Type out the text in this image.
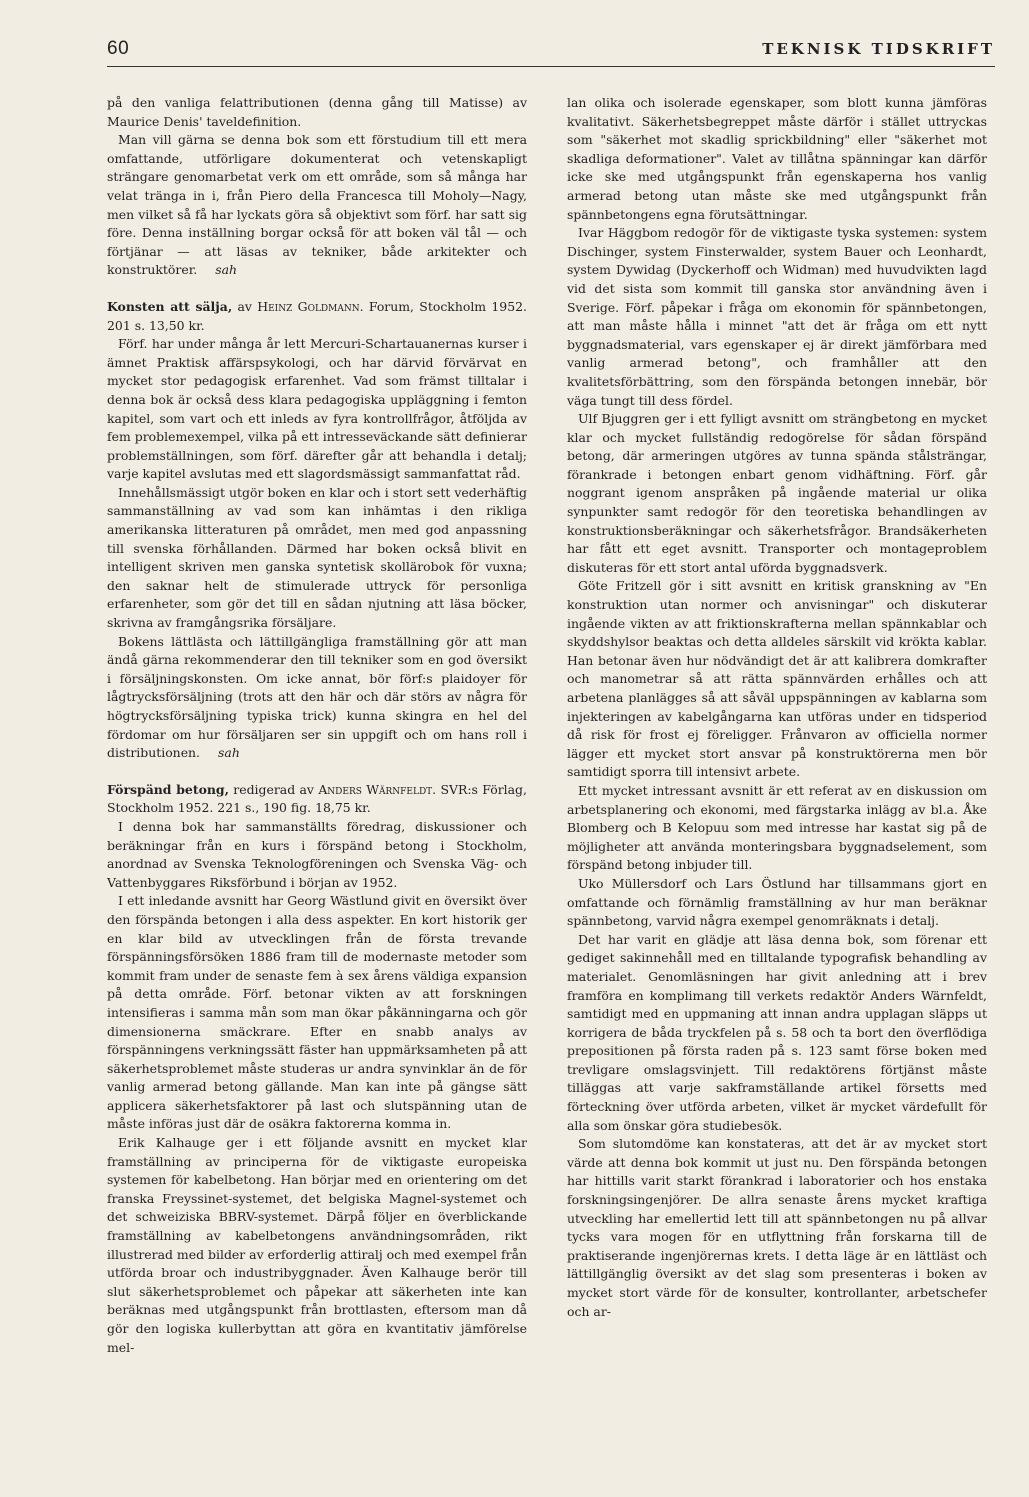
60	TEKNISK TIDSKRIFT

på den vanliga felattributionen (denna gång till Matisse) av Maurice Denis' taveldefinition.

Man vill gärna se denna bok som ett förstudium till ett mera omfattande, utförligare dokumenterat och vetenskapligt strängare genomarbetat verk om ett område, som så många har velat tränga in i, från Piero della Francesca till Moholy—Nagy, men vilket så få har lyckats göra så objektivt som förf. har satt sig före. Denna inställning borgar också för att boken väl tål — och förtjänar — att läsas av tekniker, både arkitekter och konstruktörer. sah

Konsten att sälja, av Heinz Goldmann. Forum, Stockholm 1952. 201 s. 13,50 kr.

Förf. har under många år lett Mercuri-Schartauanernas kurser i ämnet Praktisk affärspsykologi, och har därvid förvärvat en mycket stor pedagogisk erfarenhet. Vad som främst tilltalar i denna bok är också dess klara pedagogiska uppläggning i femton kapitel, som vart och ett inleds av fyra kontrollfrågor, åtföljda av fem problemexempel, vilka på ett intresseväckande sätt definierar problemställningen, som förf. därefter går att behandla i detalj; varje kapitel avslutas med ett slagordsmässigt sammanfattat råd.

Innehållsmässigt utgör boken en klar och i stort sett vederhäftig sammanställning av vad som kan inhämtas i den rikliga amerikanska litteraturen på området, men med god anpassning till svenska förhållanden. Därmed har boken också blivit en intelligent skriven men ganska syntetisk skollärobok för vuxna; den saknar helt de stimulerade uttryck för personliga erfarenheter, som gör det till en sådan njutning att läsa böcker, skrivna av framgångsrika försäljare.

Bokens lättlästa och lättillgängliga framställning gör att man ändå gärna rekommenderar den till tekniker som en god översikt i försäljningskonsten. Om icke annat, bör förf:s plaidoyer för lågtrycksförsäljning (trots att den här och där störs av några för högtrycksförsäljning typiska trick) kunna skingra en hel del fördomar om hur försäljaren ser sin uppgift och om hans roll i distributionen. sah

Förspänd betong, redigerad av Anders Wärnfeldt. SVR:s Förlag, Stockholm 1952. 221 s., 190 fig. 18,75 kr.

I denna bok har sammanställts föredrag, diskussioner och beräkningar från en kurs i förspänd betong i Stockholm, anordnad av Svenska Teknologföreningen och Svenska Väg- och Vattenbyggares Riksförbund i början av 1952.

I ett inledande avsnitt har Georg Wästlund givit en översikt över den förspända betongen i alla dess aspekter. En kort historik ger en klar bild av utvecklingen från de första trevande förspänningsförsöken 1886 fram till de modernaste metoder som kommit fram under de senaste fem à sex årens väldiga expansion på detta område. Förf. betonar vikten av att forskningen intensifieras i samma mån som man ökar påkänningarna och gör dimensionerna smäckrare. Efter en snabb analys av förspänningens verkningssätt fäster han uppmärksamheten på att säkerhetsproblemet måste studeras ur andra synvinklar än de för vanlig armerad betong gällande. Man kan inte på gängse sätt applicera säkerhetsfaktorer på last och slutspänning utan de måste införas just där de osäkra faktorerna komma in.

Erik Kalhauge ger i ett följande avsnitt en mycket klar framställning av principerna för de viktigaste europeiska systemen för kabelbetong. Han börjar med en orientering om det franska Freyssinet-systemet, det belgiska Magnel-systemet och det schweiziska BBRV-systemet. Därpå följer en överblickande framställning av kabelbetongens användningsområden, rikt illustrerad med bilder av erforderlig attiralj och med exempel från utförda broar och industribyggnader. Även Kalhauge berör till slut säkerhetsproblemet och påpekar att säkerheten inte kan beräknas med utgångspunkt från brottlasten, eftersom man då gör den logiska kullerbyttan att göra en kvantitativ jämförelse mel-

lan olika och isolerade egenskaper, som blott kunna jämföras kvalitativt. Säkerhetsbegreppet måste därför i stället uttryckas som "säkerhet mot skadlig sprickbildning" eller "säkerhet mot skadliga deformationer". Valet av tillåtna spänningar kan därför icke ske med utgångspunkt från egenskaperna hos vanlig armerad betong utan måste ske med utgångspunkt från spännbetongens egna förutsättningar.

Ivar Häggbom redogör för de viktigaste tyska systemen: system Dischinger, system Finsterwalder, system Bauer och Leonhardt, system Dywidag (Dyckerhoff och Widman) med huvudvikten lagd vid det sista som kommit till ganska stor användning även i Sverige. Förf. påpekar i fråga om ekonomin för spännbetongen, att man måste hålla i minnet "att det är fråga om ett nytt byggnadsmaterial, vars egenskaper ej är direkt jämförbara med vanlig armerad betong", och framhåller att den kvalitetsförbättring, som den förspända betongen innebär, bör väga tungt till dess fördel.

Ulf Bjuggren ger i ett fylligt avsnitt om strängbetong en mycket klar och mycket fullständig redogörelse för sådan förspänd betong, där armeringen utgöres av tunna spända stålsträngar, förankrade i betongen enbart genom vidhäftning. Förf. går noggrant igenom anspråken på ingående material ur olika synpunkter samt redogör för den teoretiska behandlingen av konstruktionsberäkningar och säkerhetsfrågor. Brandsäkerheten har fått ett eget avsnitt. Transporter och montageproblem diskuteras för ett stort antal uförda byggnadsverk.

Göte Fritzell gör i sitt avsnitt en kritisk granskning av "En konstruktion utan normer och anvisningar" och diskuterar ingående vikten av att friktionskrafterna mellan spännkablar och skyddshylsor beaktas och detta alldeles särskilt vid krökta kablar. Han betonar även hur nödvändigt det är att kalibrera domkrafter och manometrar så att rätta spännvärden erhålles och att arbetena planlägges så att såväl uppspänningen av kablarna som injekteringen av kabelgångarna kan utföras under en tidsperiod då risk för frost ej föreligger. Frånvaron av officiella normer lägger ett mycket stort ansvar på konstruktörerna men bör samtidigt sporra till intensivt arbete.

Ett mycket intressant avsnitt är ett referat av en diskussion om arbetsplanering och ekonomi, med färgstarka inlägg av bl.a. Åke Blomberg och B Kelopuu som med intresse har kastat sig på de möjligheter att använda monteringsbara byggnadselement, som förspänd betong inbjuder till.

Uko Müllersdorf och Lars Östlund har tillsammans gjort en omfattande och förnämlig framställning av hur man beräknar spännbetong, varvid några exempel genomräknats i detalj.

Det har varit en glädje att läsa denna bok, som förenar ett gediget sakinnehåll med en tilltalande typografisk behandling av materialet. Genomläsningen har givit anledning att i brev framföra en komplimang till verkets redaktör Anders Wärnfeldt, samtidigt med en uppmaning att innan andra upplagan släpps ut korrigera de båda tryckfelen på s. 58 och ta bort den överflödiga prepositionen på första raden på s. 123 samt förse boken med trevligare omslagsvinjett. Till redaktörens förtjänst måste tilläggas att varje sakframställande artikel försetts med förteckning över utförda arbeten, vilket är mycket värdefullt för alla som önskar göra studiebesök.

Som slutomdöme kan konstateras, att det är av mycket stort värde att denna bok kommit ut just nu. Den förspända betongen har hittills varit starkt förankrad i laboratorier och hos enstaka forskningsingenjörer. De allra senaste årens mycket kraftiga utveckling har emellertid lett till att spännbetongen nu på allvar tycks vara mogen för en utflyttning från forskarna till de praktiserande ingenjörernas krets. I detta läge är en lättläst och lättillgänglig översikt av det slag som presenteras i boken av mycket stort värde för de konsulter, kontrollanter, arbetschefer och ar-
